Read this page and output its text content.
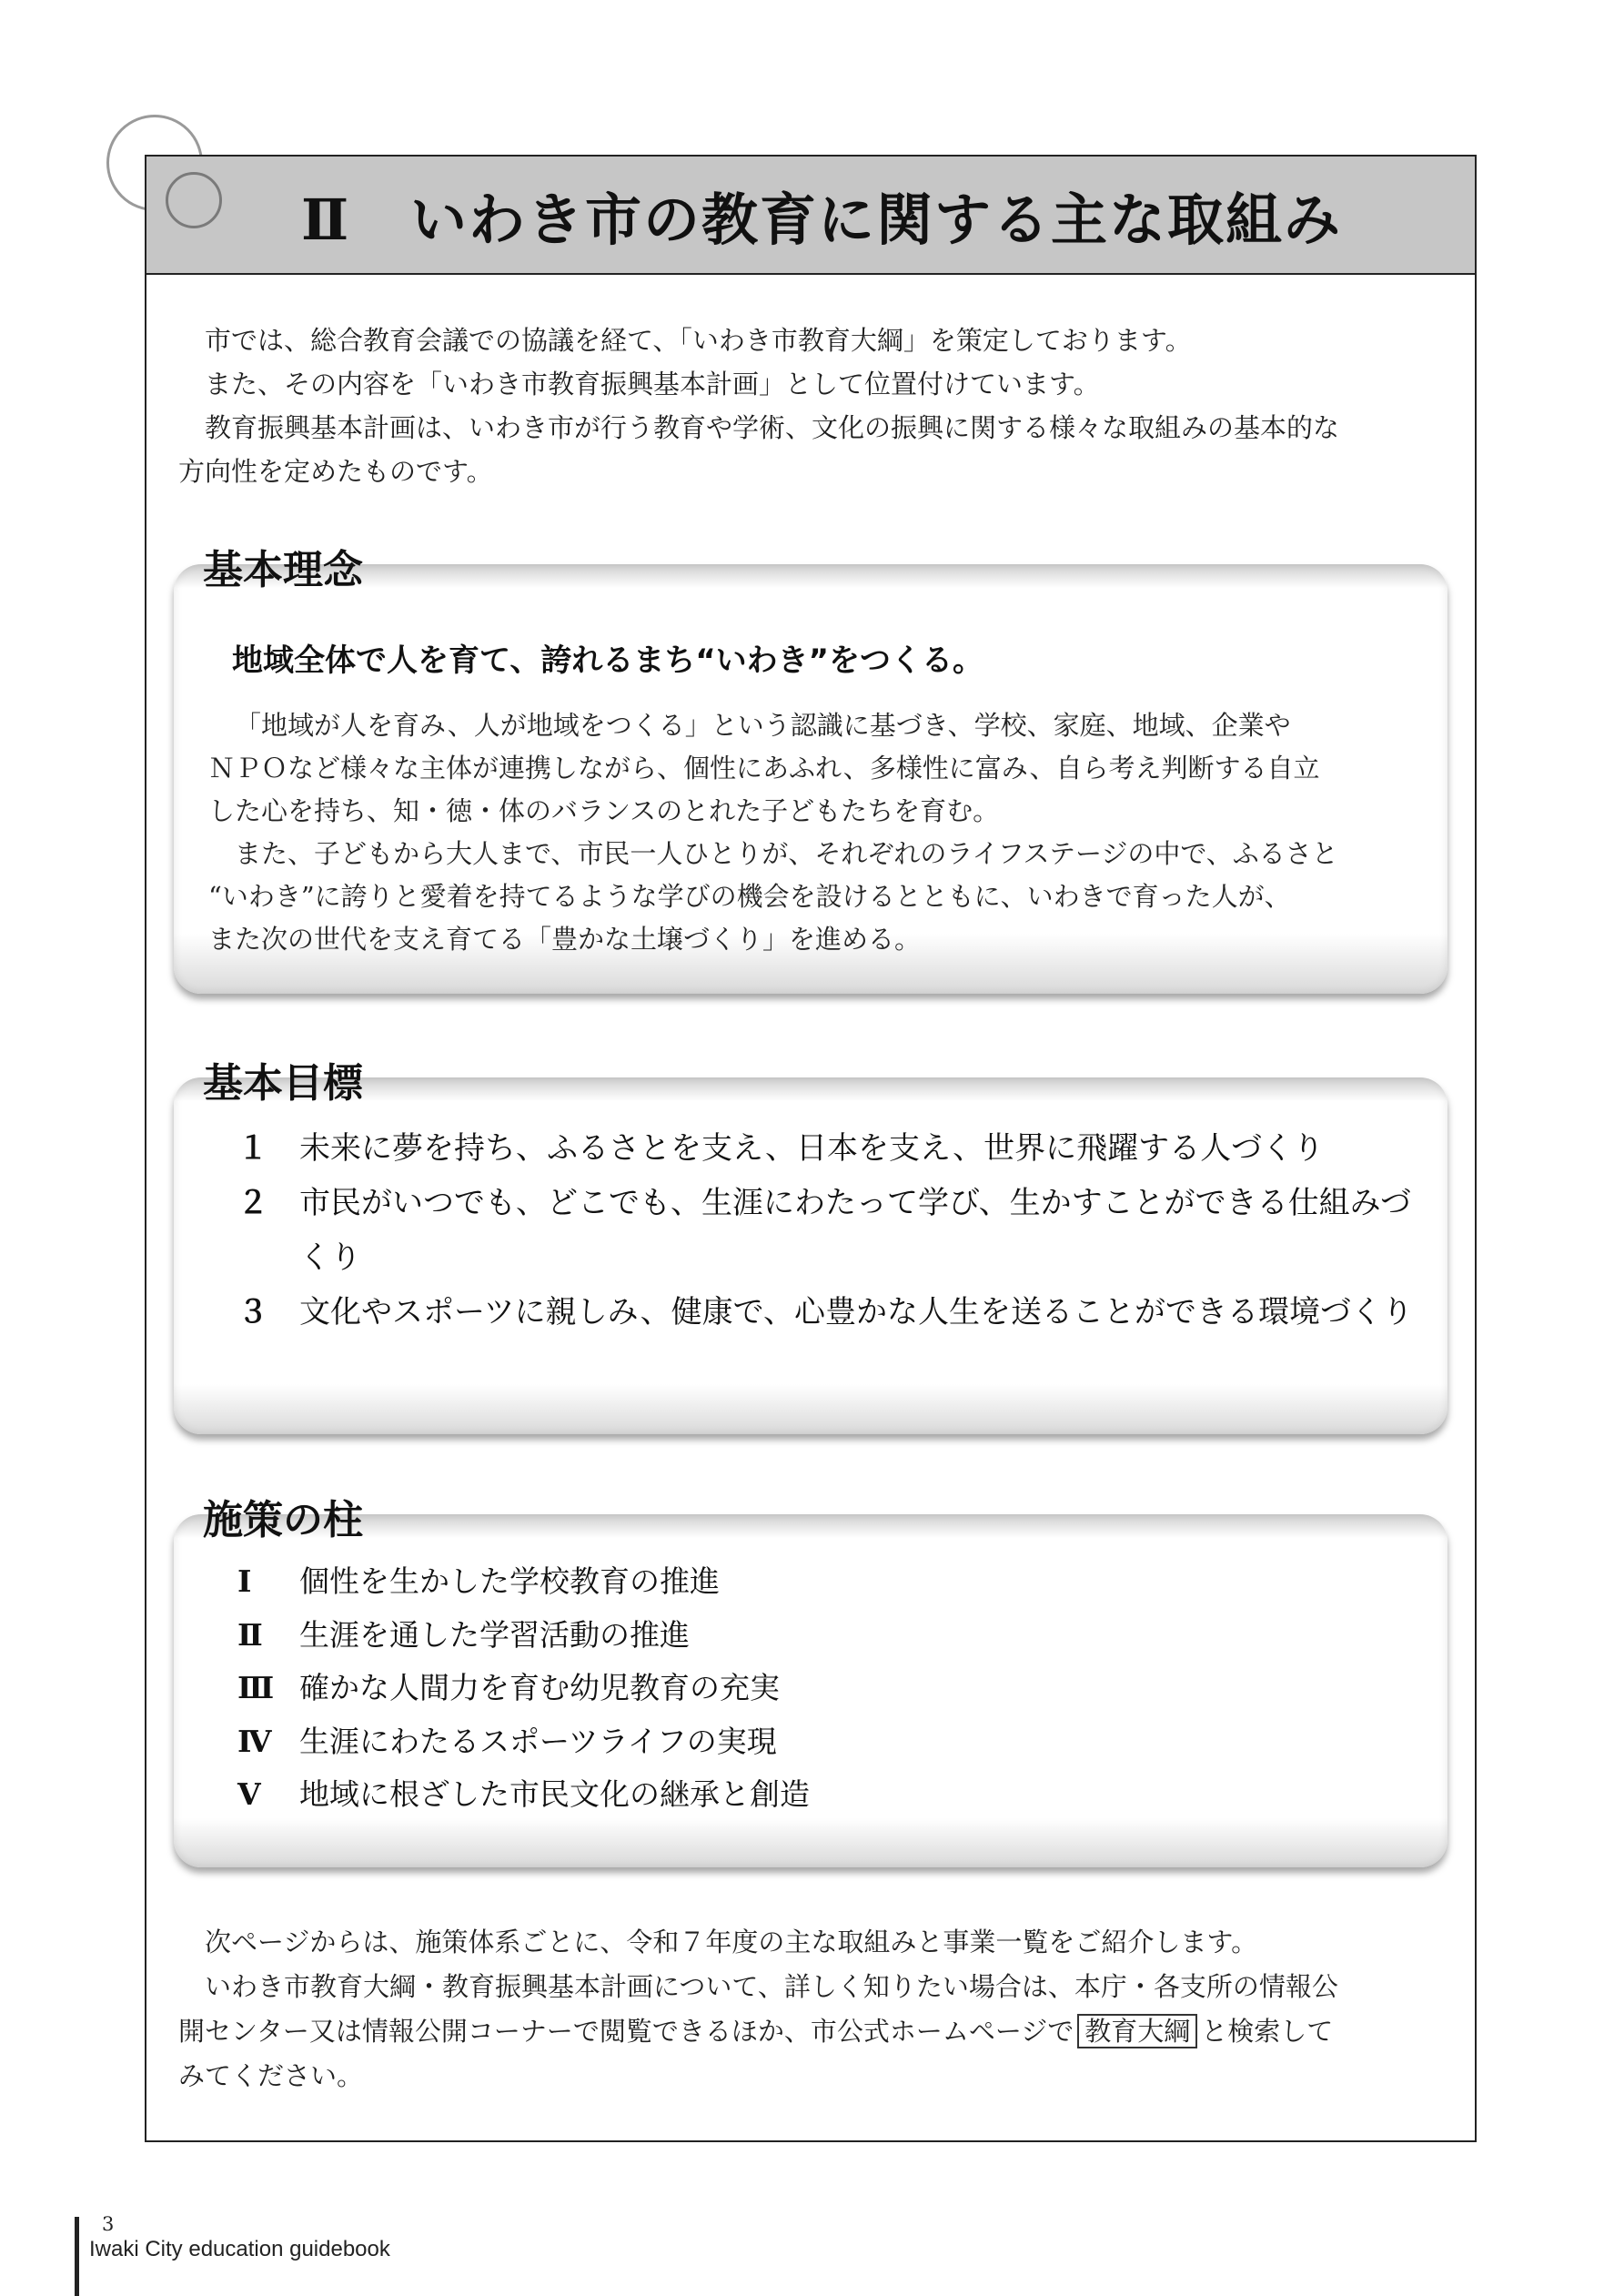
Ⅱ いわき市の教育に関する主な取組み

市では、総合教育会議での協議を経て、「いわき市教育大綱」を策定しております。

また、その内容を「いわき市教育振興基本計画」として位置付けています。

教育振興基本計画は、いわき市が行う教育や学術、文化の振興に関する様々な取組みの基本的な

方向性を定めたものです。

基本理念
地域全体で人を育て、誇れるまち“いわき”をつくる。

「地域が人を育み、人が地域をつくる」という認識に基づき、学校、家庭、地域、企業や

ＮＰＯなど様々な主体が連携しながら、個性にあふれ、多様性に富み、自ら考え判断する自立

した心を持ち、知・徳・体のバランスのとれた子どもたちを育む。

また、子どもから大人まで、市民一人ひとりが、それぞれのライフステージの中で、ふるさと

“いわき”に誇りと愛着を持てるような学びの機会を設けるとともに、いわきで育った人が、

また次の世代を支え育てる「豊かな土壌づくり」を進める。

基本目標
１ 未来に夢を持ち、ふるさとを支え、日本を支え、世界に飛躍する人づくり
２ 市民がいつでも、どこでも、生涯にわたって学び、生かすことができる仕組みづくり
３ 文化やスポーツに親しみ、健康で、心豊かな人生を送ることができる環境づくり
施策の柱
Ⅰ 個性を生かした学校教育の推進
Ⅱ 生涯を通した学習活動の推進
Ⅲ 確かな人間力を育む幼児教育の充実
Ⅳ 生涯にわたるスポーツライフの実現
Ⅴ 地域に根ざした市民文化の継承と創造

次ページからは、施策体系ごとに、令和７年度の主な取組みと事業一覧をご紹介します。

いわき市教育大綱・教育振興基本計画について、詳しく知りたい場合は、本庁・各支所の情報公

開センター又は情報公開コーナーで閲覧できるほか、市公式ホームページで 教育大綱 と検索して

みてください。

3
Iwaki City education guidebook
